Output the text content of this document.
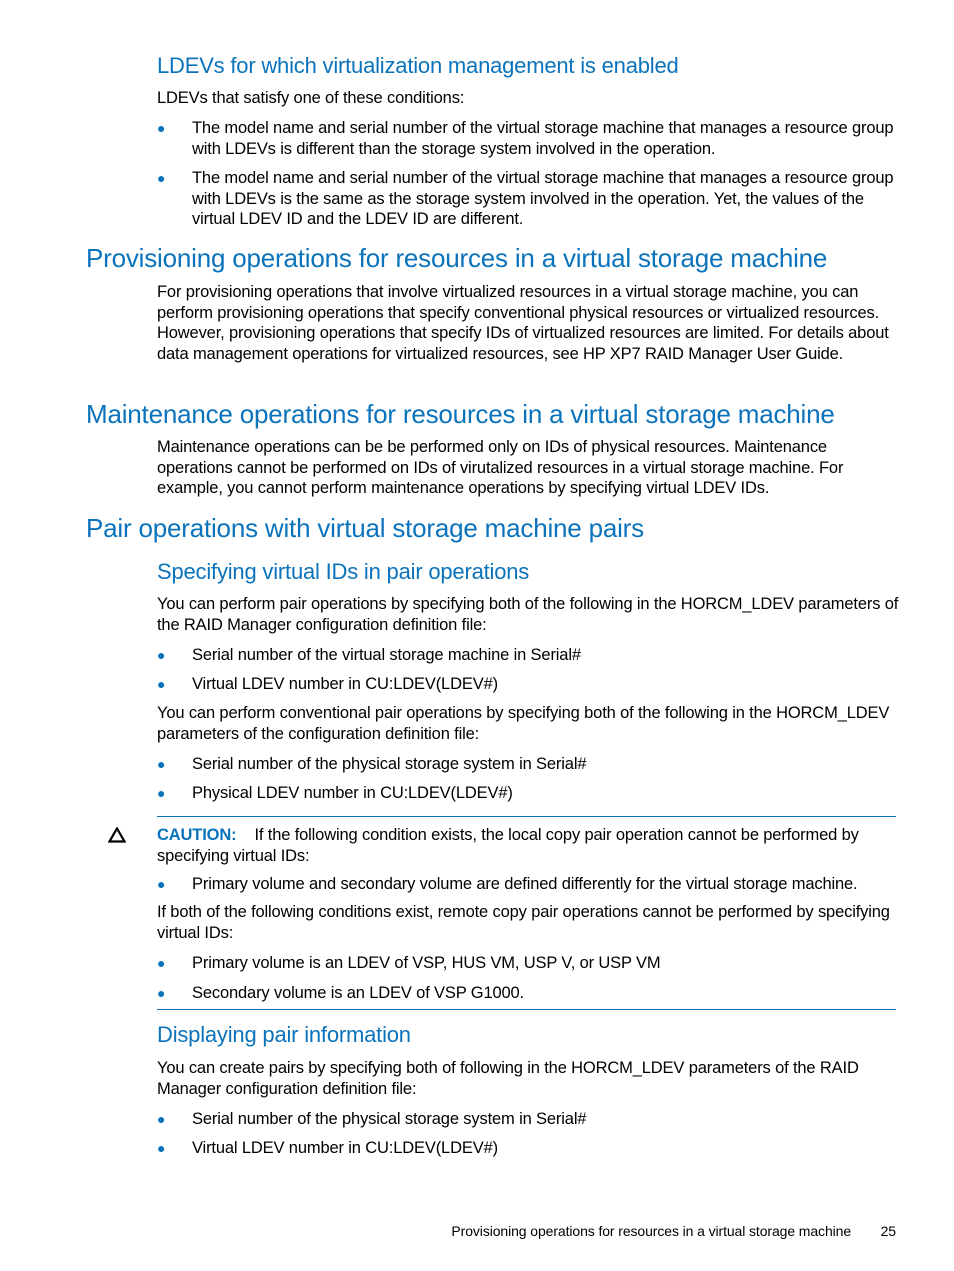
LDEVs for which virtualization management is enabled

LDEVs that satisfy one of these conditions:

● The model name and serial number of the virtual storage machine that manages a resource group with LDEVs is different than the storage system involved in the operation.
● The model name and serial number of the virtual storage machine that manages a resource group with LDEVs is the same as the storage system involved in the operation. Yet, the values of the virtual LDEV ID and the LDEV ID are different.
Provisioning operations for resources in a virtual storage machine

For provisioning operations that involve virtualized resources in a virtual storage machine, you can perform provisioning operations that specify conventional physical resources or virtualized resources. However, provisioning operations that specify IDs of virtualized resources are limited. For details about data management operations for virtualized resources, see HP XP7 RAID Manager User Guide.

Maintenance operations for resources in a virtual storage machine

Maintenance operations can be be performed only on IDs of physical resources. Maintenance operations cannot be performed on IDs of virutalized resources in a virtual storage machine. For example, you cannot perform maintenance operations by specifying virtual LDEV IDs.

Pair operations with virtual storage machine pairs
Specifying virtual IDs in pair operations

You can perform pair operations by specifying both of the following in the HORCM_LDEV parameters of the RAID Manager configuration definition file:

● Serial number of the virtual storage machine in Serial#
● Virtual LDEV number in CU:LDEV(LDEV#)

You can perform conventional pair operations by specifying both of the following in the HORCM_LDEV parameters of the configuration definition file:

● Serial number of the physical storage system in Serial#
● Physical LDEV number in CU:LDEV(LDEV#)

CAUTION: If the following condition exists, the local copy pair operation cannot be performed by specifying virtual IDs:

● Primary volume and secondary volume are defined differently for the virtual storage machine.

If both of the following conditions exist, remote copy pair operations cannot be performed by specifying virtual IDs:

● Primary volume is an LDEV of VSP, HUS VM, USP V, or USP VM
● Secondary volume is an LDEV of VSP G1000.
Displaying pair information

You can create pairs by specifying both of following in the HORCM_LDEV parameters of the RAID Manager configuration definition file:

● Serial number of the physical storage system in Serial#
● Virtual LDEV number in CU:LDEV(LDEV#)
Provisioning operations for resources in a virtual storage machine 25
